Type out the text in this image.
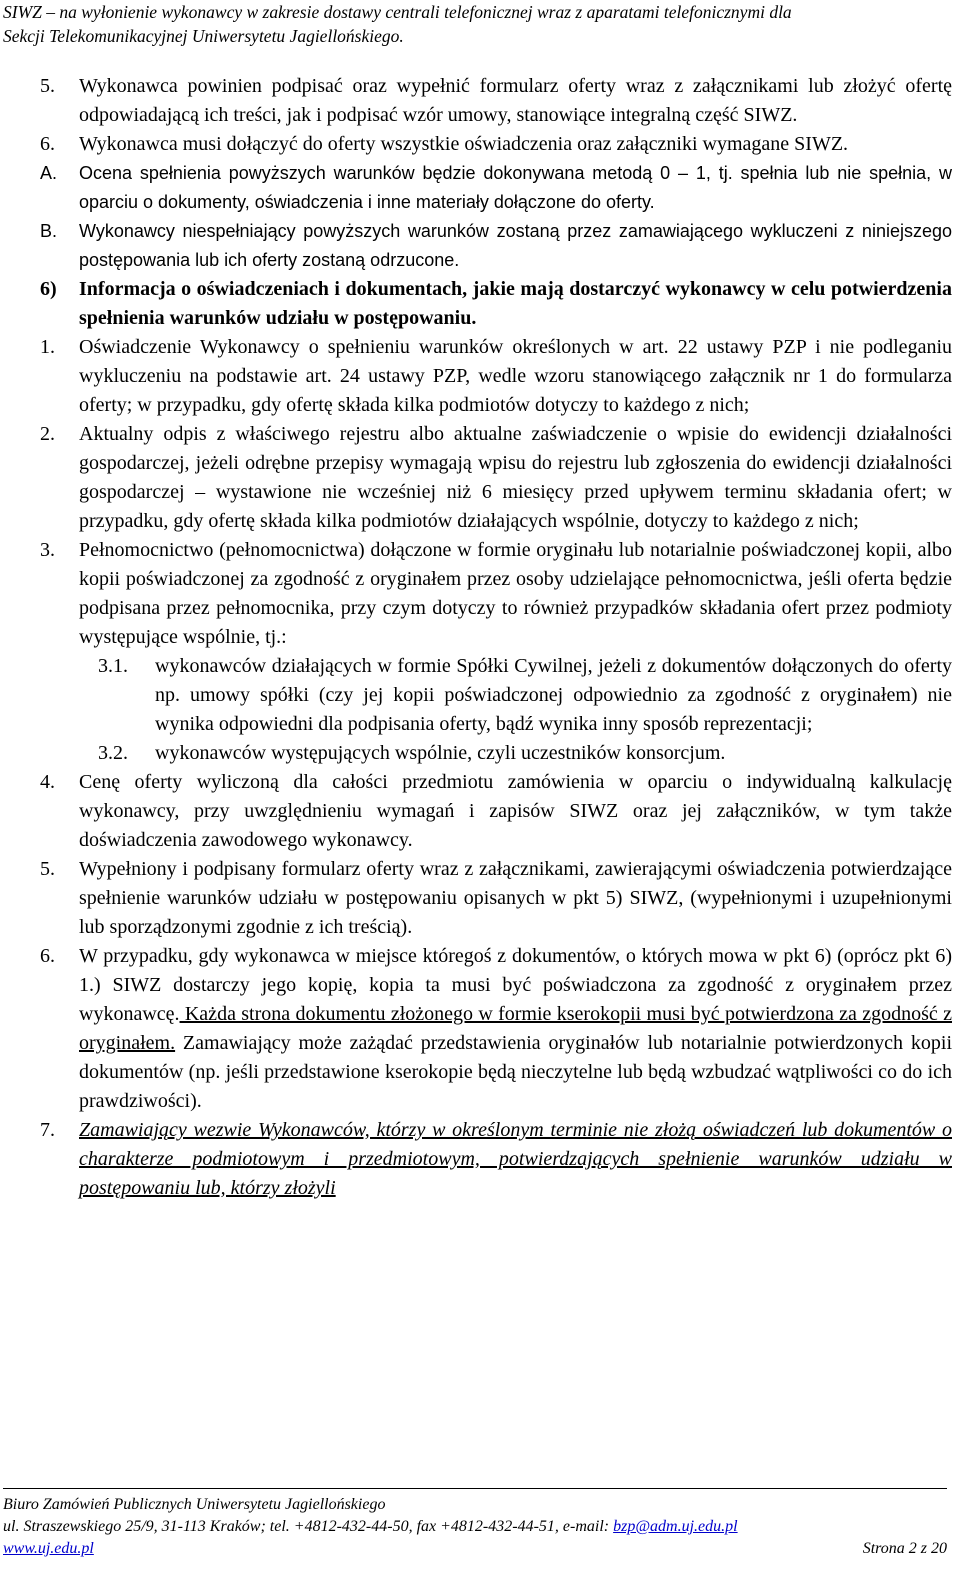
SIWZ – na wyłonienie wykonawcy w zakresie dostawy centrali telefonicznej wraz z aparatami telefonicznymi dla
Sekcji Telekomunikacyjnej Uniwersytetu Jagiellońskiego.
5.	Wykonawca powinien podpisać oraz wypełnić formularz oferty wraz z załącznikami lub złożyć ofertę odpowiadającą ich treści, jak i podpisać wzór umowy, stanowiące integralną część SIWZ.
6.	Wykonawca musi dołączyć do oferty wszystkie oświadczenia oraz załączniki wymagane SIWZ.
A.	Ocena spełnienia powyższych warunków będzie dokonywana metodą 0 – 1, tj. spełnia lub nie spełnia, w oparciu o dokumenty, oświadczenia i inne materiały dołączone do oferty.
B.	Wykonawcy niespełniający powyższych warunków zostaną przez zamawiającego wykluczeni z niniejszego postępowania lub ich oferty zostaną odrzucone.
6)	Informacja o oświadczeniach i dokumentach, jakie mają dostarczyć wykonawcy w celu potwierdzenia spełnienia warunków udziału w postępowaniu.
1.	Oświadczenie Wykonawcy o spełnieniu warunków określonych w art. 22 ustawy PZP i nie podleganiu wykluczeniu na podstawie art. 24 ustawy PZP, wedle wzoru stanowiącego załącznik nr 1 do formularza oferty; w przypadku, gdy ofertę składa kilka podmiotów dotyczy to każdego z nich;
2.	Aktualny odpis z właściwego rejestru albo aktualne zaświadczenie o wpisie do ewidencji działalności gospodarczej, jeżeli odrębne przepisy wymagają wpisu do rejestru lub zgłoszenia do ewidencji działalności gospodarczej – wystawione nie wcześniej niż 6 miesięcy przed upływem terminu składania ofert; w przypadku, gdy ofertę składa kilka podmiotów działających wspólnie, dotyczy to każdego z nich;
3.	Pełnomocnictwo (pełnomocnictwa) dołączone w formie oryginału lub notarialnie poświadczonej kopii, albo kopii poświadczonej za zgodność z oryginałem przez osoby udzielające pełnomocnictwa, jeśli oferta będzie podpisana przez pełnomocnika, przy czym dotyczy to również przypadków składania ofert przez podmioty występujące wspólnie, tj.:
3.1.	wykonawców działających w formie Spółki Cywilnej, jeżeli z dokumentów dołączonych do oferty np. umowy spółki (czy jej kopii poświadczonej odpowiednio za zgodność z oryginałem) nie wynika odpowiedni dla podpisania oferty, bądź wynika inny sposób reprezentacji;
3.2.	wykonawców występujących wspólnie, czyli uczestników konsorcjum.
4.	Cenę oferty wyliczoną dla całości przedmiotu zamówienia w oparciu o indywidualną kalkulację wykonawcy, przy uwzględnieniu wymagań i zapisów SIWZ oraz jej załączników, w tym także doświadczenia zawodowego wykonawcy.
5.	Wypełniony i podpisany formularz oferty wraz z załącznikami, zawierającymi oświadczenia potwierdzające spełnienie warunków udziału w postępowaniu opisanych w pkt 5) SIWZ, (wypełnionymi i uzupełnionymi lub sporządzonymi zgodnie z ich treścią).
6.	W przypadku, gdy wykonawca w miejsce któregoś z dokumentów, o których mowa w pkt 6) (oprócz pkt 6) 1.) SIWZ dostarczy jego kopię, kopia ta musi być poświadczona za zgodność z oryginałem przez wykonawcę. Każda strona dokumentu złożonego w formie kserokopii musi być potwierdzona za zgodność z oryginałem. Zamawiający może zażądać przedstawienia oryginałów lub notarialnie potwierdzonych kopii dokumentów (np. jeśli przedstawione kserokopie będą nieczytelne lub będą wzbudzać wątpliwości co do ich prawdziwości).
7.	Zamawiający wezwie Wykonawców, którzy w określonym terminie nie złożą oświadczeń lub dokumentów o charakterze podmiotowym i przedmiotowym, potwierdzających spełnienie warunków udziału w postępowaniu lub, którzy złożyli
Biuro Zamówień Publicznych Uniwersytetu Jagiellońskiego
ul. Straszewskiego 25/9, 31-113 Kraków; tel. +4812-432-44-50, fax +4812-432-44-51, e-mail: bzp@adm.uj.edu.pl
www.uj.edu.pl	Strona 2 z 20
